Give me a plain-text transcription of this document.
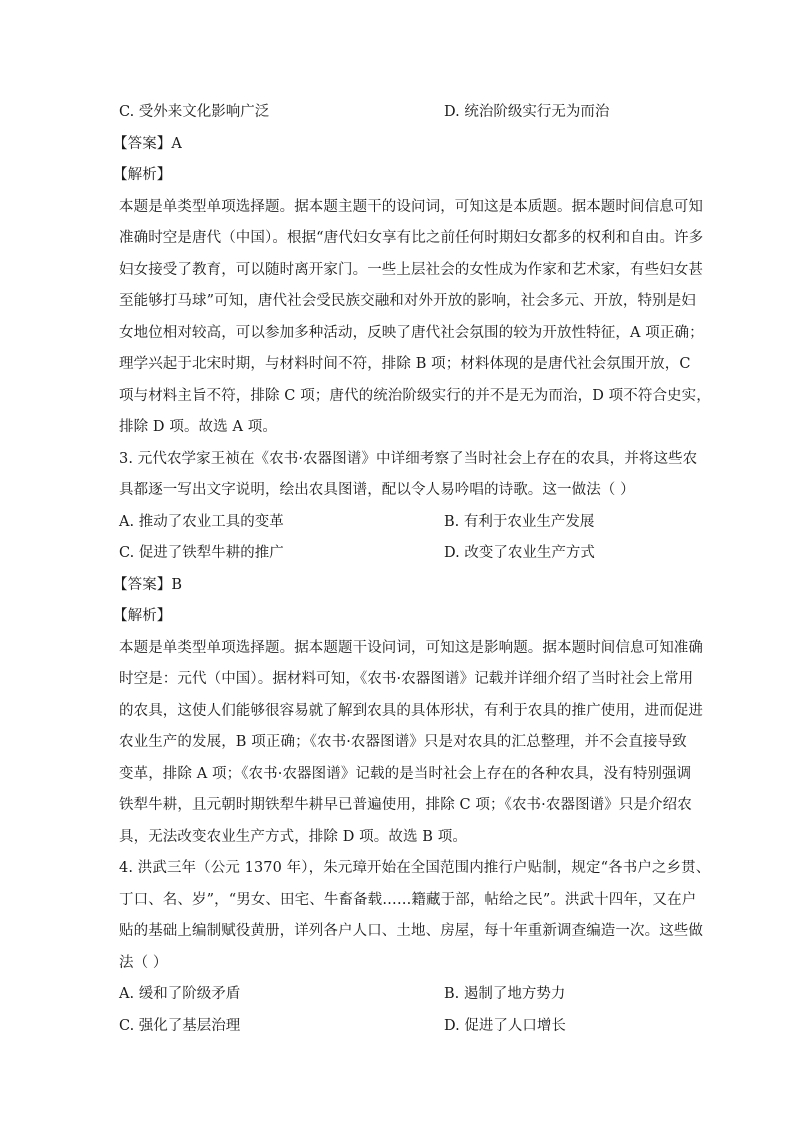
C. 受外来文化影响广泛	D. 统治阶级实行无为而治
【答案】A
【解析】
本题是单类型单项选择题。据本题主题干的设问词，可知这是本质题。据本题时间信息可知
准确时空是唐代（中国）。根据“唐代妇女享有比之前任何时期妇女都多的权利和自由。许多
妇女接受了教育，可以随时离开家门。一些上层社会的女性成为作家和艺术家，有些妇女甚
至能够打马球”可知，唐代社会受民族交融和对外开放的影响，社会多元、开放，特别是妇
女地位相对较高，可以参加多种活动，反映了唐代社会氛围的较为开放性特征，A 项正确；
理学兴起于北宋时期，与材料时间不符，排除 B 项；材料体现的是唐代社会氛围开放，C
项与材料主旨不符，排除 C 项；唐代的统治阶级实行的并不是无为而治，D 项不符合史实，
排除 D 项。故选 A 项。
3. 元代农学家王祯在《农书·农器图谱》中详细考察了当时社会上存在的农具，并将这些农
具都逐一写出文字说明，绘出农具图谱，配以令人易吟唱的诗歌。这一做法（ ）
A. 推动了农业工具的变革	B. 有利于农业生产发展
C. 促进了铁犁牛耕的推广	D. 改变了农业生产方式
【答案】B
【解析】
本题是单类型单项选择题。据本题题干设问词，可知这是影响题。据本题时间信息可知准确
时空是：元代（中国）。据材料可知，《农书·农器图谱》记载并详细介绍了当时社会上常用
的农具，这使人们能够很容易就了解到农具的具体形状，有利于农具的推广使用，进而促进
农业生产的发展，B 项正确；《农书·农器图谱》只是对农具的汇总整理，并不会直接导致
变革，排除 A 项；《农书·农器图谱》记载的是当时社会上存在的各种农具，没有特别强调
铁犁牛耕，且元朝时期铁犁牛耕早已普遍使用，排除 C 项；《农书·农器图谱》只是介绍农
具，无法改变农业生产方式，排除 D 项。故选 B 项。
4. 洪武三年（公元 1370 年），朱元璋开始在全国范围内推行户贴制，规定“各书户之乡贯、
丁口、名、岁”，“男女、田宅、牛畜备载……籍藏于部，帖给之民”。洪武十四年，又在户
贴的基础上编制赋役黄册，详列各户人口、土地、房屋，每十年重新调查编造一次。这些做
法（ ）
A. 缓和了阶级矛盾	B. 遏制了地方势力
C. 强化了基层治理	D. 促进了人口增长
